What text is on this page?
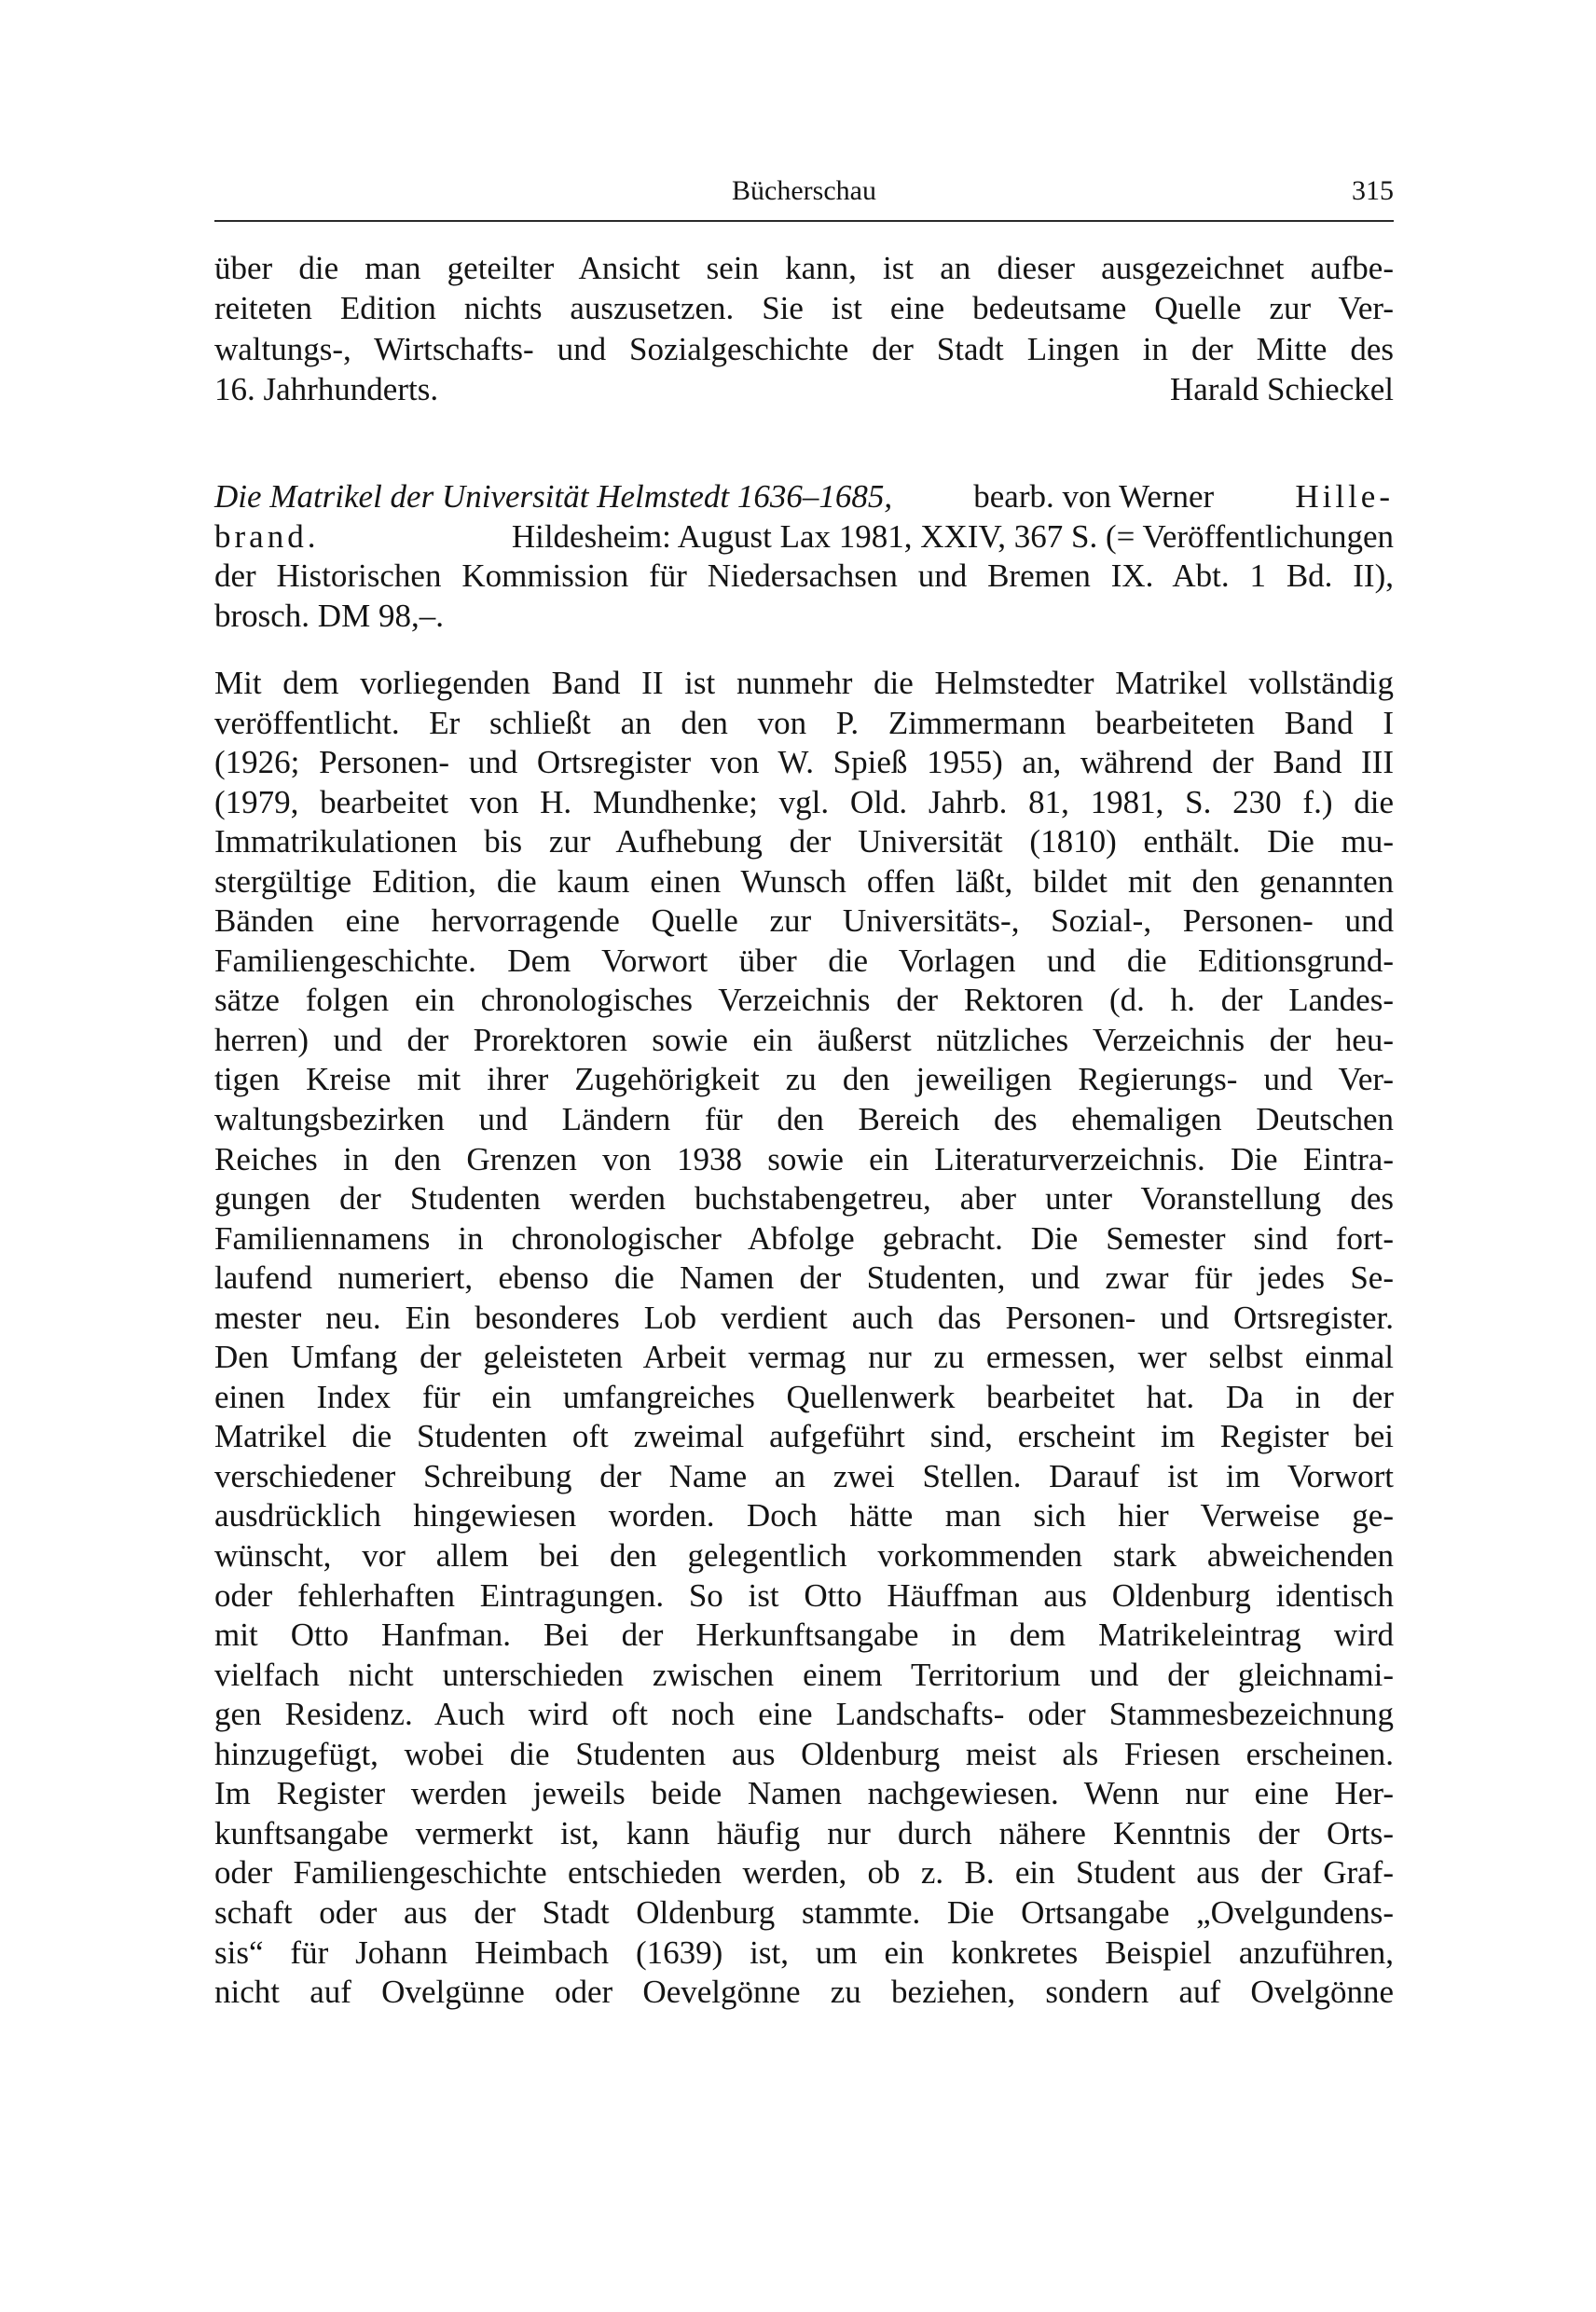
Bücherschau	315
über die man geteilter Ansicht sein kann, ist an dieser ausgezeichnet aufbe-
reiteten Edition nichts auszusetzen. Sie ist eine bedeutsame Quelle zur Ver-
waltungs-, Wirtschafts- und Sozialgeschichte der Stadt Lingen in der Mitte des
16. Jahrhunderts.	Harald Schieckel
Die Matrikel der Universität Helmstedt 1636–1685, bearb. von Werner Hille-
brand.	Hildesheim: August Lax 1981, XXIV, 367 S. (= Veröffentlichungen
der Historischen Kommission für Niedersachsen und Bremen IX. Abt. 1 Bd. II),
brosch. DM 98,–.
Mit dem vorliegenden Band II ist nunmehr die Helmstedter Matrikel vollständig
veröffentlicht. Er schließt an den von P. Zimmermann bearbeiteten Band I
(1926; Personen- und Ortsregister von W. Spieß 1955) an, während der Band III
(1979, bearbeitet von H. Mundhenke; vgl. Old. Jahrb. 81, 1981, S. 230 f.) die
Immatrikulationen bis zur Aufhebung der Universität (1810) enthält. Die mu-
stergültige Edition, die kaum einen Wunsch offen läßt, bildet mit den genannten
Bänden eine hervorragende Quelle zur Universitäts-, Sozial-, Personen- und
Familiengeschichte. Dem Vorwort über die Vorlagen und die Editionsgrund-
sätze folgen ein chronologisches Verzeichnis der Rektoren (d. h. der Landes-
herren) und der Prorektoren sowie ein äußerst nützliches Verzeichnis der heu-
tigen Kreise mit ihrer Zugehörigkeit zu den jeweiligen Regierungs- und Ver-
waltungsbezirken und Ländern für den Bereich des ehemaligen Deutschen
Reiches in den Grenzen von 1938 sowie ein Literaturverzeichnis. Die Eintra-
gungen der Studenten werden buchstabengetreu, aber unter Voranstellung des
Familiennamens in chronologischer Abfolge gebracht. Die Semester sind fort-
laufend numeriert, ebenso die Namen der Studenten, und zwar für jedes Se-
mester neu. Ein besonderes Lob verdient auch das Personen- und Ortsregister.
Den Umfang der geleisteten Arbeit vermag nur zu ermessen, wer selbst einmal
einen Index für ein umfangreiches Quellenwerk bearbeitet hat. Da in der
Matrikel die Studenten oft zweimal aufgeführt sind, erscheint im Register bei
verschiedener Schreibung der Name an zwei Stellen. Darauf ist im Vorwort
ausdrücklich hingewiesen worden. Doch hätte man sich hier Verweise ge-
wünscht, vor allem bei den gelegentlich vorkommenden stark abweichenden
oder fehlerhaften Eintragungen. So ist Otto Häuffman aus Oldenburg identisch
mit Otto Hanfman. Bei der Herkunftsangabe in dem Matrikeleintrag wird
vielfach nicht unterschieden zwischen einem Territorium und der gleichnami-
gen Residenz. Auch wird oft noch eine Landschafts- oder Stammesbezeichnung
hinzugefügt, wobei die Studenten aus Oldenburg meist als Friesen erscheinen.
Im Register werden jeweils beide Namen nachgewiesen. Wenn nur eine Her-
kunftsangabe vermerkt ist, kann häufig nur durch nähere Kenntnis der Orts-
oder Familiengeschichte entschieden werden, ob z. B. ein Student aus der Graf-
schaft oder aus der Stadt Oldenburg stammte. Die Ortsangabe „Ovelgundens-
sis“ für Johann Heimbach (1639) ist, um ein konkretes Beispiel anzuführen,
nicht auf Ovelgünne oder Oevelgönne zu beziehen, sondern auf Ovelgönne
